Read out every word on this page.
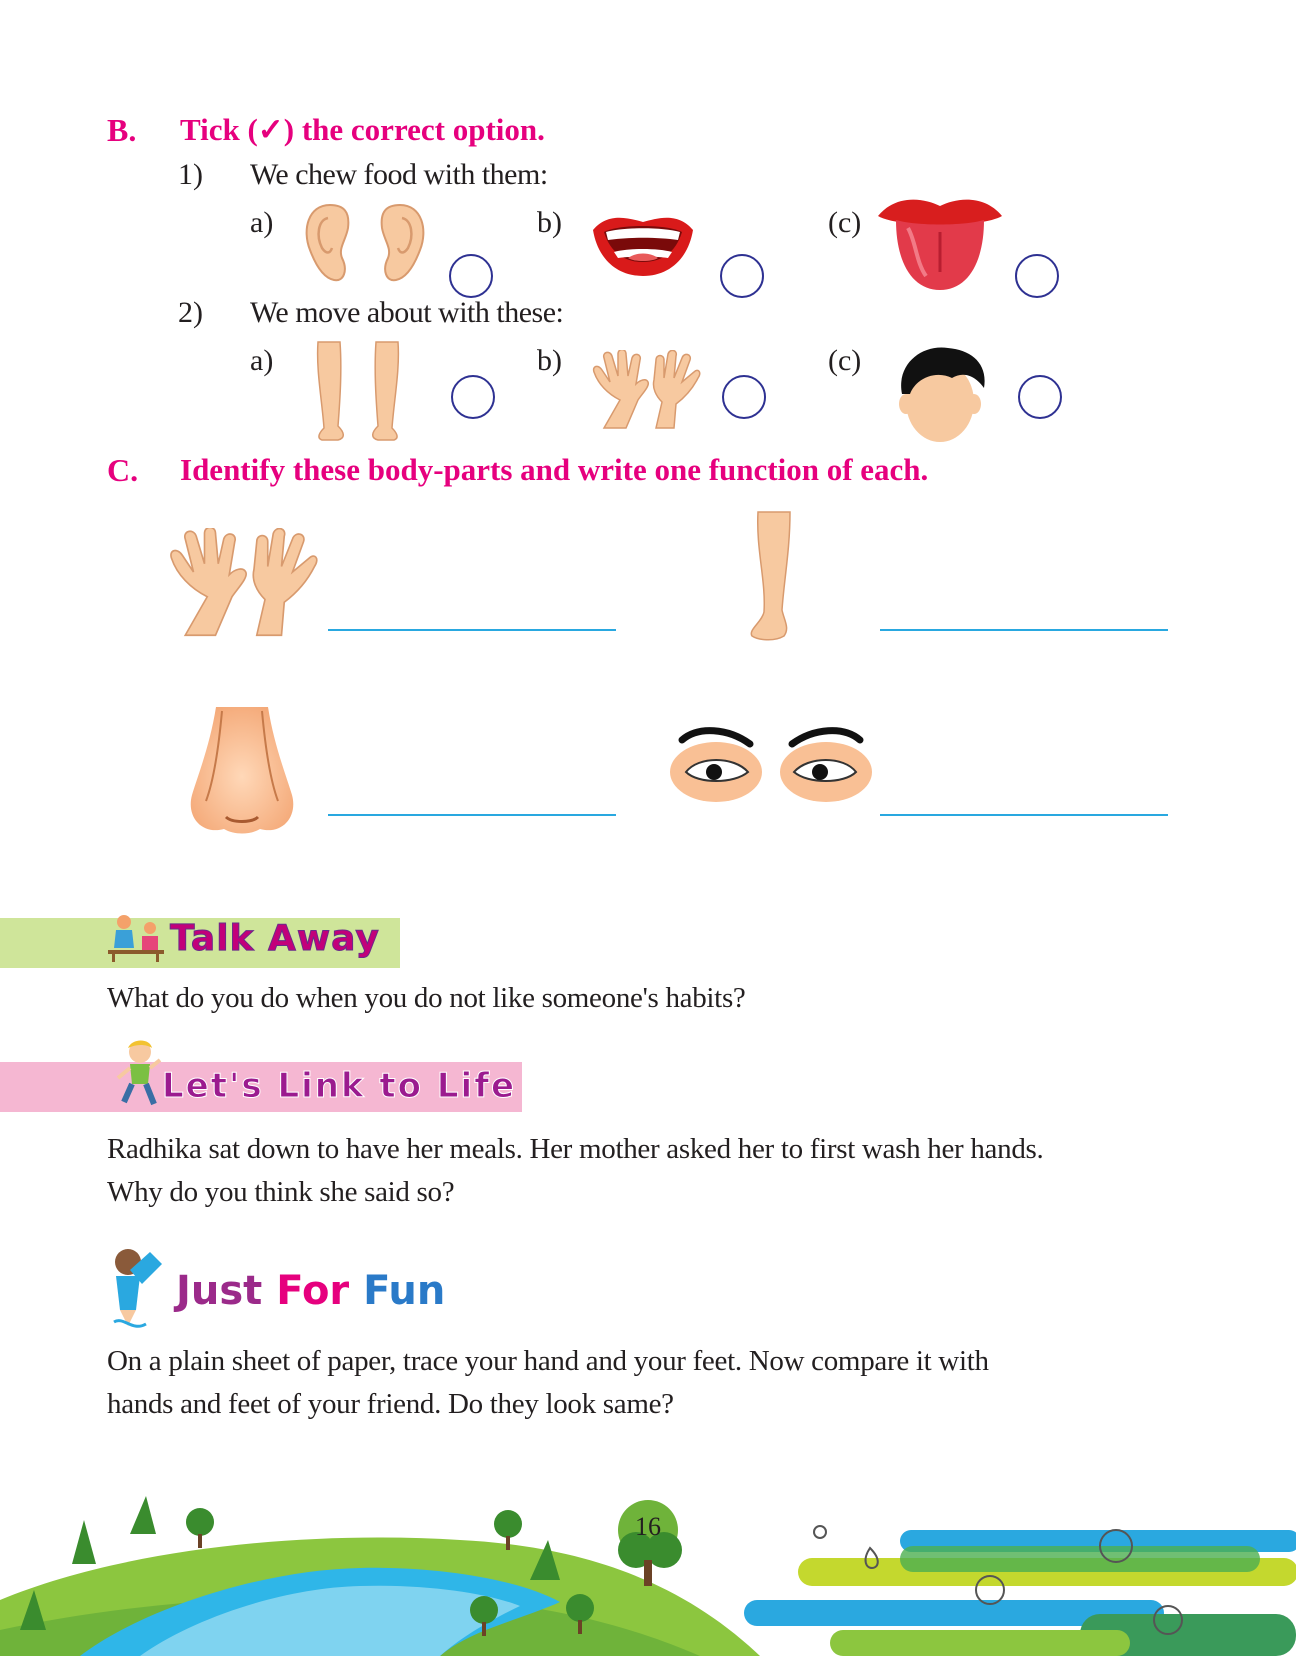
B. Tick (✓) the correct option.
1) We chew food with them:
a)	b)	(c)
2) We move about with these:
a)	b)	(c)
C. Identify these body-parts and write one function of each.
Talk Away
What do you do when you do not like someone's habits?
Let's Link to Life
Radhika sat down to have her meals. Her mother asked her to first wash her hands.
Why do you think she said so?
Just For Fun
On a plain sheet of paper, trace your hand and your feet. Now compare it with
hands and feet of your friend. Do they look same?
16
